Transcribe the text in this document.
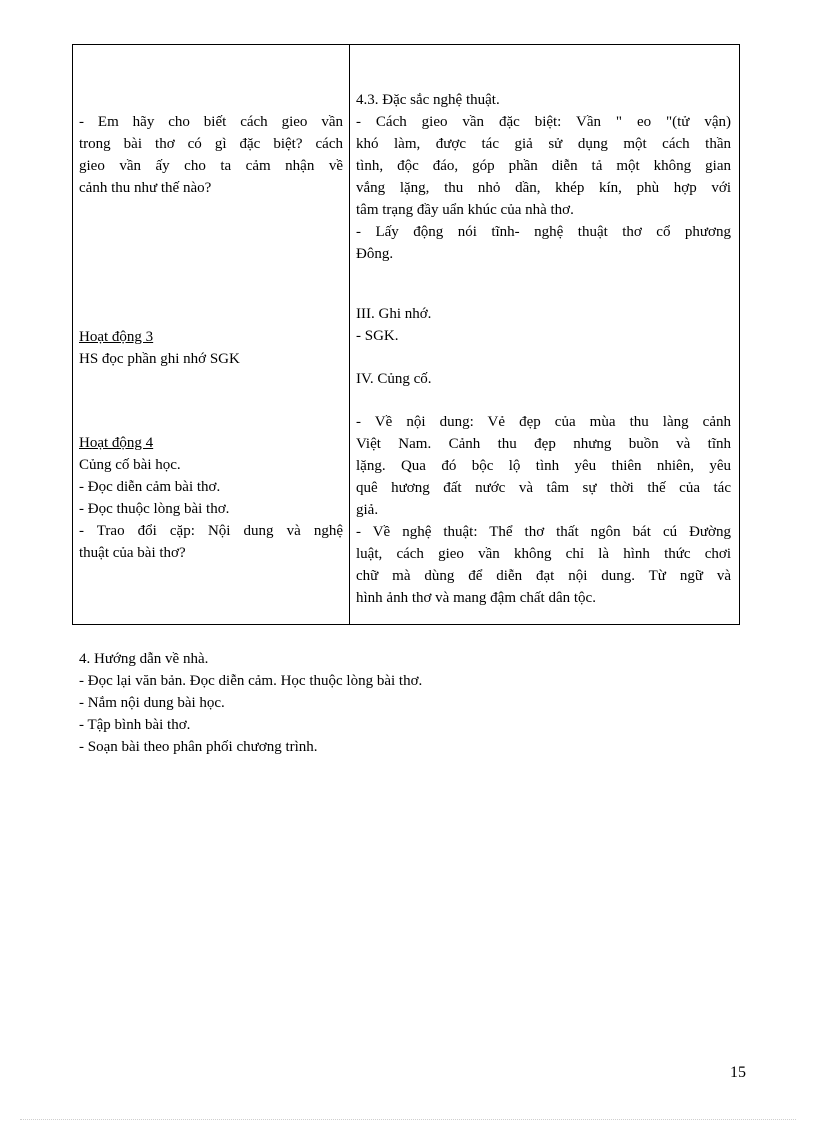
- Em hãy cho biết cách gieo vần
trong bài thơ có gì đặc biệt? cách
gieo vần ấy cho ta cảm nhận về
cảnh thu như thế nào?
Hoạt động 3
HS đọc phần ghi nhớ SGK
Hoạt động 4
Củng cố bài học.
- Đọc diễn cảm bài thơ.
- Đọc thuộc lòng bài thơ.
- Trao đổi cặp: Nội dung và nghệ
thuật của bài thơ?
4.3. Đặc sắc nghệ thuật.
- Cách gieo vần đặc biệt: Vần " eo "(tử vận)
khó làm, được tác giả sử dụng một cách thần
tình, độc đáo, góp phần diễn tả một không gian
vắng lặng, thu nhỏ dần, khép kín, phù hợp với
tâm trạng đầy uẩn khúc của nhà thơ.
- Lấy động nói tĩnh- nghệ thuật thơ cổ phương
Đông.
III. Ghi nhớ.
- SGK.
IV. Củng cố.
- Về nội dung: Vẻ đẹp của mùa thu làng cảnh
Việt Nam. Cảnh thu đẹp nhưng buồn và tĩnh
lặng. Qua đó bộc lộ tình yêu thiên nhiên, yêu
quê hương đất nước và tâm sự thời thế của tác
giả.
- Về nghệ thuật: Thể thơ thất ngôn bát cú Đường
luật, cách gieo vần không chỉ là hình thức chơi
chữ mà dùng để diễn đạt nội dung. Từ ngữ và
hình ảnh thơ và mang đậm chất dân tộc.
4. Hướng dẫn về nhà.
- Đọc lại văn bản. Đọc diễn cảm. Học thuộc lòng bài thơ.
- Nắm nội dung bài học.
- Tập bình bài thơ.
- Soạn bài theo phân phối chương trình.
15
